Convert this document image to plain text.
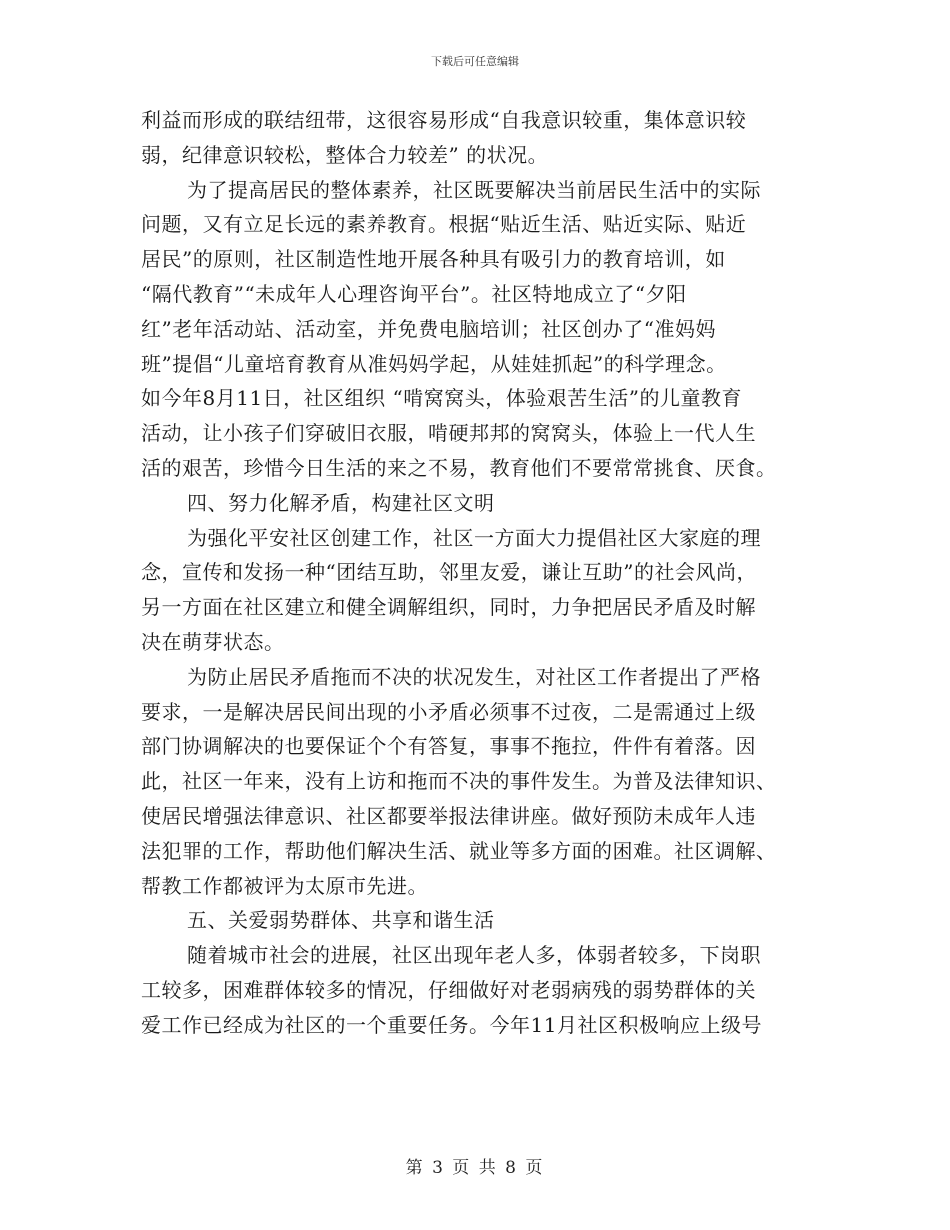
下载后可任意编辑
利益而形成的联结纽带，这很容易形成“自我意识较重，集体意识较
弱，纪律意识较松，整体合力较差” 的状况。
为了提高居民的整体素养，社区既要解决当前居民生活中的实际
问题，又有立足长远的素养教育。根据“贴近生活、贴近实际、贴近
居民”的原则，社区制造性地开展各种具有吸引力的教育培训，如
“隔代教育”“未成年人心理咨询平台”。社区特地成立了“夕阳
红”老年活动站、活动室，并免费电脑培训；社区创办了“准妈妈
班”提倡“儿童培育教育从准妈妈学起，从娃娃抓起”的科学理念。
如今年8月11日，社区组织 “啃窝窝头，体验艰苦生活”的儿童教育
活动，让小孩子们穿破旧衣服，啃硬邦邦的窝窝头，体验上一代人生
活的艰苦，珍惜今日生活的来之不易，教育他们不要常常挑食、厌食。
四、努力化解矛盾，构建社区文明
为强化平安社区创建工作，社区一方面大力提倡社区大家庭的理
念，宣传和发扬一种“团结互助，邻里友爱，谦让互助”的社会风尚，
另一方面在社区建立和健全调解组织，同时，力争把居民矛盾及时解
决在萌芽状态。
为防止居民矛盾拖而不决的状况发生，对社区工作者提出了严格
要求，一是解决居民间出现的小矛盾必须事不过夜，二是需通过上级
部门协调解决的也要保证个个有答复，事事不拖拉，件件有着落。因
此，社区一年来，没有上访和拖而不决的事件发生。为普及法律知识、
使居民增强法律意识、社区都要举报法律讲座。做好预防未成年人违
法犯罪的工作，帮助他们解决生活、就业等多方面的困难。社区调解、
帮教工作都被评为太原市先进。
五、关爱弱势群体、共享和谐生活
随着城市社会的进展，社区出现年老人多，体弱者较多，下岗职
工较多，困难群体较多的情况，仔细做好对老弱病残的弱势群体的关
爱工作已经成为社区的一个重要任务。今年11月社区积极响应上级号
第 3 页 共 8 页
